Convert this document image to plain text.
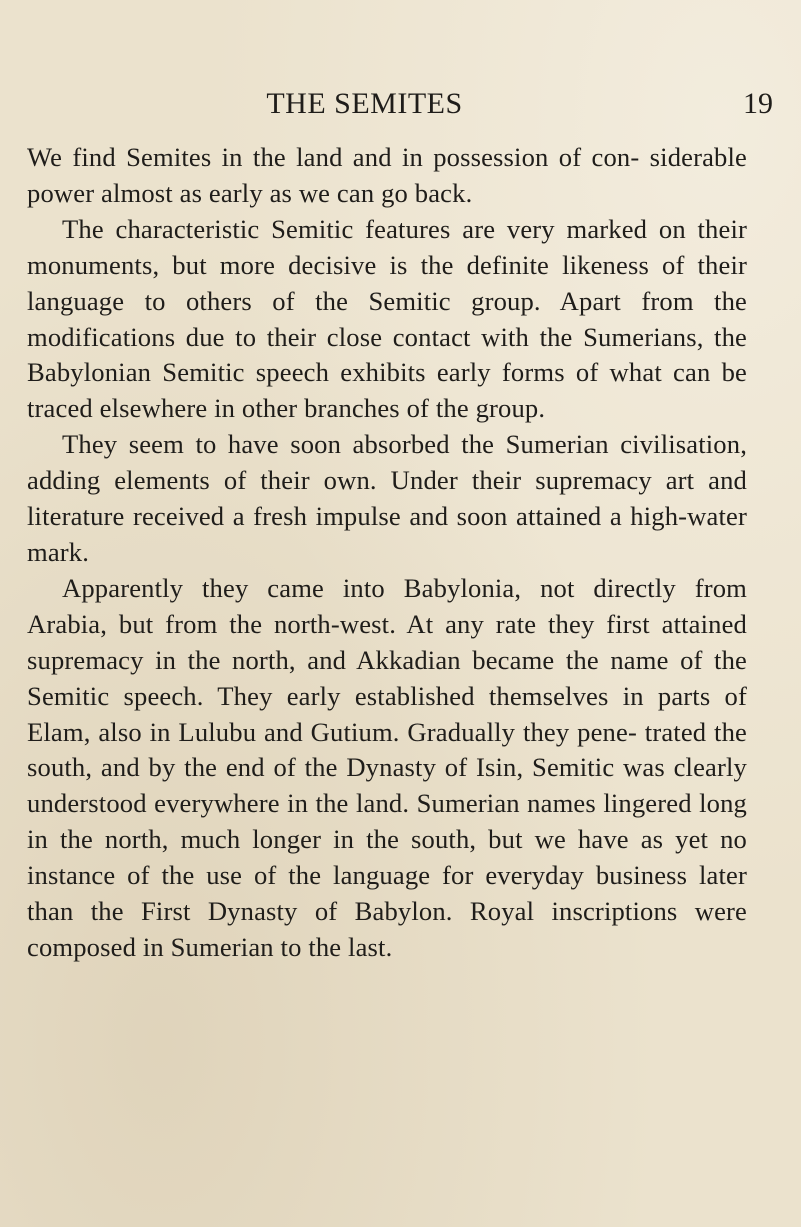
THE SEMITES	19

We find Semites in the land and in possession of con- siderable power almost as early as we can go back.

The characteristic Semitic features are very marked on their monuments, but more decisive is the definite likeness of their language to others of the Semitic group. Apart from the modifications due to their close contact with the Sumerians, the Babylonian Semitic speech exhibits early forms of what can be traced elsewhere in other branches of the group.

They seem to have soon absorbed the Sumerian civilisation, adding elements of their own. Under their supremacy art and literature received a fresh impulse and soon attained a high-water mark.

Apparently they came into Babylonia, not directly from Arabia, but from the north-west. At any rate they first attained supremacy in the north, and Akkadian became the name of the Semitic speech. They early established themselves in parts of Elam, also in Lulubu and Gutium. Gradually they pene- trated the south, and by the end of the Dynasty of Isin, Semitic was clearly understood everywhere in the land. Sumerian names lingered long in the north, much longer in the south, but we have as yet no instance of the use of the language for everyday business later than the First Dynasty of Babylon. Royal inscriptions were composed in Sumerian to the last.
